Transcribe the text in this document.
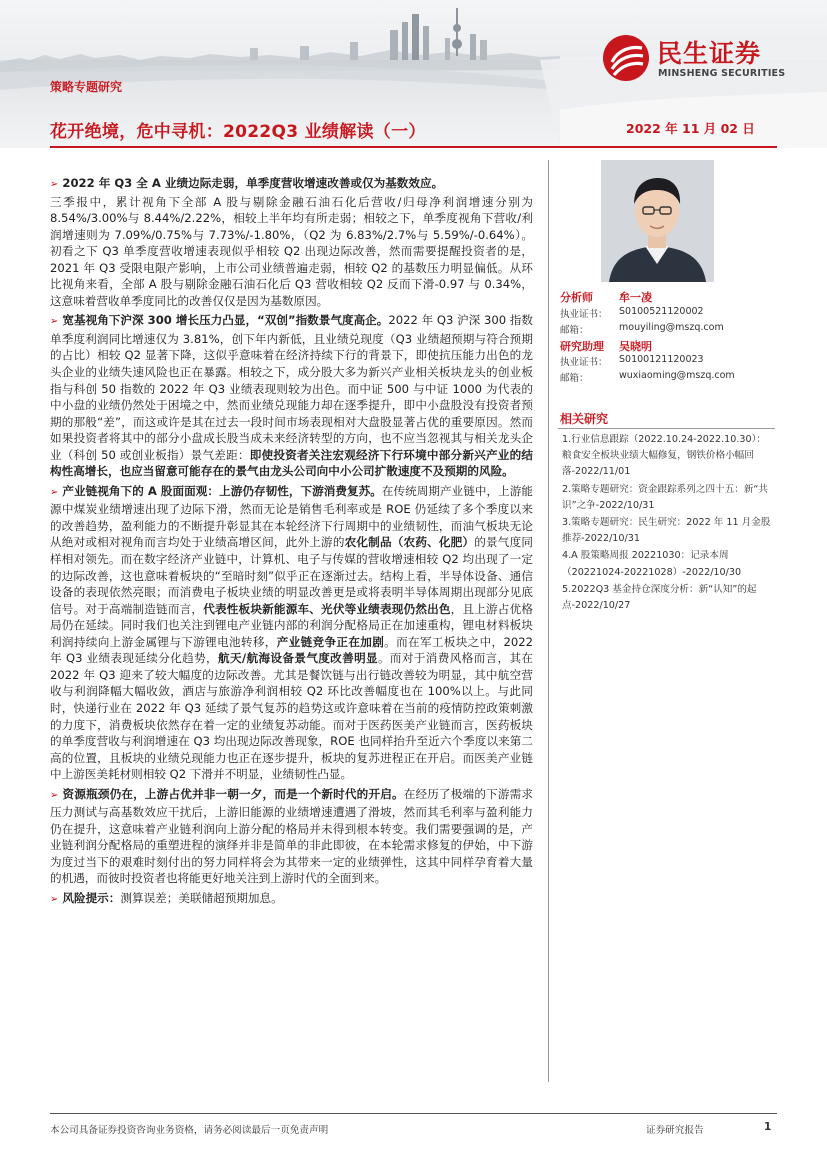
民生证券
MINSHENG SECURITIES
策略专题研究
花开绝境，危中寻机：2022Q3 业绩解读（一）	2022 年 11 月 02 日

➢ 2022 年 Q3 全 A 业绩边际走弱，单季度营收增速改善或仅为基数效应。
三季报中，累计视角下全部 A 股与剔除金融石油石化后营收/归母净利润增速分别为 8.54%/3.00%与 8.44%/2.22%，相较上半年均有所走弱；相较之下，单季度视角下营收/利润增速则为 7.09%/0.75%与 7.73%/-1.80%，（Q2 为 6.83%/2.7%与 5.59%/-0.64%）。初看之下 Q3 单季度营收增速表现似乎相较 Q2 出现边际改善，然而需要提醒投资者的是，2021 年 Q3 受限电限产影响，上市公司业绩普遍走弱，相较 Q2 的基数压力明显偏低。从环比视角来看，全部 A 股与剔除金融石油石化后 Q3 营收相较 Q2 反而下滑-0.97 与 0.34%，这意味着营收单季度同比的改善仅仅是因为基数原因。

➢ 宽基视角下沪深 300 增长压力凸显，“双创”指数景气度高企。2022 年 Q3 沪深 300 指数单季度利润同比增速仅为 3.81%，创下年内新低，且业绩兑现度（Q3 业绩超预期与符合预期的占比）相较 Q2 显著下降，这似乎意味着在经济持续下行的背景下，即使抗压能力出色的龙头企业的业绩失速风险也正在暴露。相较之下，成分股大多为新兴产业相关板块龙头的创业板指与科创 50 指数的 2022 年 Q3 业绩表现则较为出色。而中证 500 与中证 1000 为代表的中小盘的业绩仍然处于困境之中，然而业绩兑现能力却在逐季提升，即中小盘股没有投资者预期的那般“差”，而这或许是其在过去一段时间市场表现相对大盘股显著占优的重要原因。然而如果投资者将其中的部分小盘成长股当成未来经济转型的方向，也不应当忽视其与相关龙头企业（科创 50 或创业板指）景气差距：即使投资者关注宏观经济下行环境中部分新兴产业的结构性高增长，也应当留意可能存在的景气由龙头公司向中小公司扩散速度不及预期的风险。

➢ 产业链视角下的 A 股面面观：上游仍存韧性，下游消费复苏。在传统周期产业链中，上游能源中煤炭业绩增速出现了边际下滑，然而无论是销售毛利率或是 ROE 仍延续了多个季度以来的改善趋势，盈利能力的不断提升彰显其在本轮经济下行周期中的业绩韧性，而油气板块无论从绝对或相对视角而言均处于业绩高增区间，此外上游的农化制品（农药、化肥）的景气度同样相对领先。而在数字经济产业链中，计算机、电子与传媒的营收增速相较 Q2 均出现了一定的边际改善，这也意味着板块的“至暗时刻”似乎正在逐渐过去。结构上看，半导体设备、通信设备的表现依然亮眼；而消费电子板块业绩的明显改善更是或将表明半导体周期出现部分见底信号。对于高端制造链而言，代表性板块新能源车、光伏等业绩表现仍然出色，且上游占优格局仍在延续。同时我们也关注到锂电产业链内部的利润分配格局正在加速重构，锂电材料板块利润持续向上游金属锂与下游锂电池转移，产业链竞争正在加剧。而在军工板块之中，2022 年 Q3 业绩表现延续分化趋势，航天/航海设备景气度改善明显。而对于消费风格而言，其在 2022 年 Q3 迎来了较大幅度的边际改善。尤其是餐饮链与出行链改善较为明显，其中航空营收与利润降幅大幅收敛，酒店与旅游净利润相较 Q2 环比改善幅度也在 100%以上。与此同时，快递行业在 2022 年 Q3 延续了景气复苏的趋势这或许意味着在当前的疫情防控政策刺激的力度下，消费板块依然存在着一定的业绩复苏动能。而对于医药医美产业链而言，医药板块的单季度营收与利润增速在 Q3 均出现边际改善现象，ROE 也同样抬升至近六个季度以来第二高的位置，且板块的业绩兑现能力也正在逐步提升，板块的复苏进程正在开启。而医美产业链中上游医美耗材则相较 Q2 下滑并不明显，业绩韧性凸显。

➢ 资源瓶颈仍在，上游占优并非一朝一夕，而是一个新时代的开启。在经历了极端的下游需求压力测试与高基数效应干扰后，上游旧能源的业绩增速遭遇了滑坡，然而其毛利率与盈利能力仍在提升，这意味着产业链利润向上游分配的格局并未得到根本转变。我们需要强调的是，产业链利润分配格局的重塑进程的演绎并非是简单的非此即彼，在本轮需求修复的伊始，中下游为度过当下的艰难时刻付出的努力同样将会为其带来一定的业绩弹性，这其中同样孕育着大量的机遇，而彼时投资者也将能更好地关注到上游时代的全面到来。

➢ 风险提示：测算误差；美联储超预期加息。

分析师 牟一凌
执业证书： S0100521120002
邮箱：	mouyiling@mszq.com
研究助理 吴晓明
执业证书： S0100121120023
邮箱：	wuxiaoming@mszq.com
相关研究
1.行业信息跟踪（2022.10.24-2022.10.30）：粮食安全板块业绩大幅修复，钢铁价格小幅回落-2022/11/01
2.策略专题研究：资金跟踪系列之四十五：新“共识”之争-2022/10/31
3.策略专题研究：民生研究：2022 年 11 月金股推荐-2022/10/31
4.A 股策略周报 20221030：记录本周（20221024-20221028）-2022/10/30
5.2022Q3 基金持仓深度分析：新“认知”的起点-2022/10/27
本公司具备证券投资咨询业务资格，请务必阅读最后一页免责声明	证券研究报告	1
